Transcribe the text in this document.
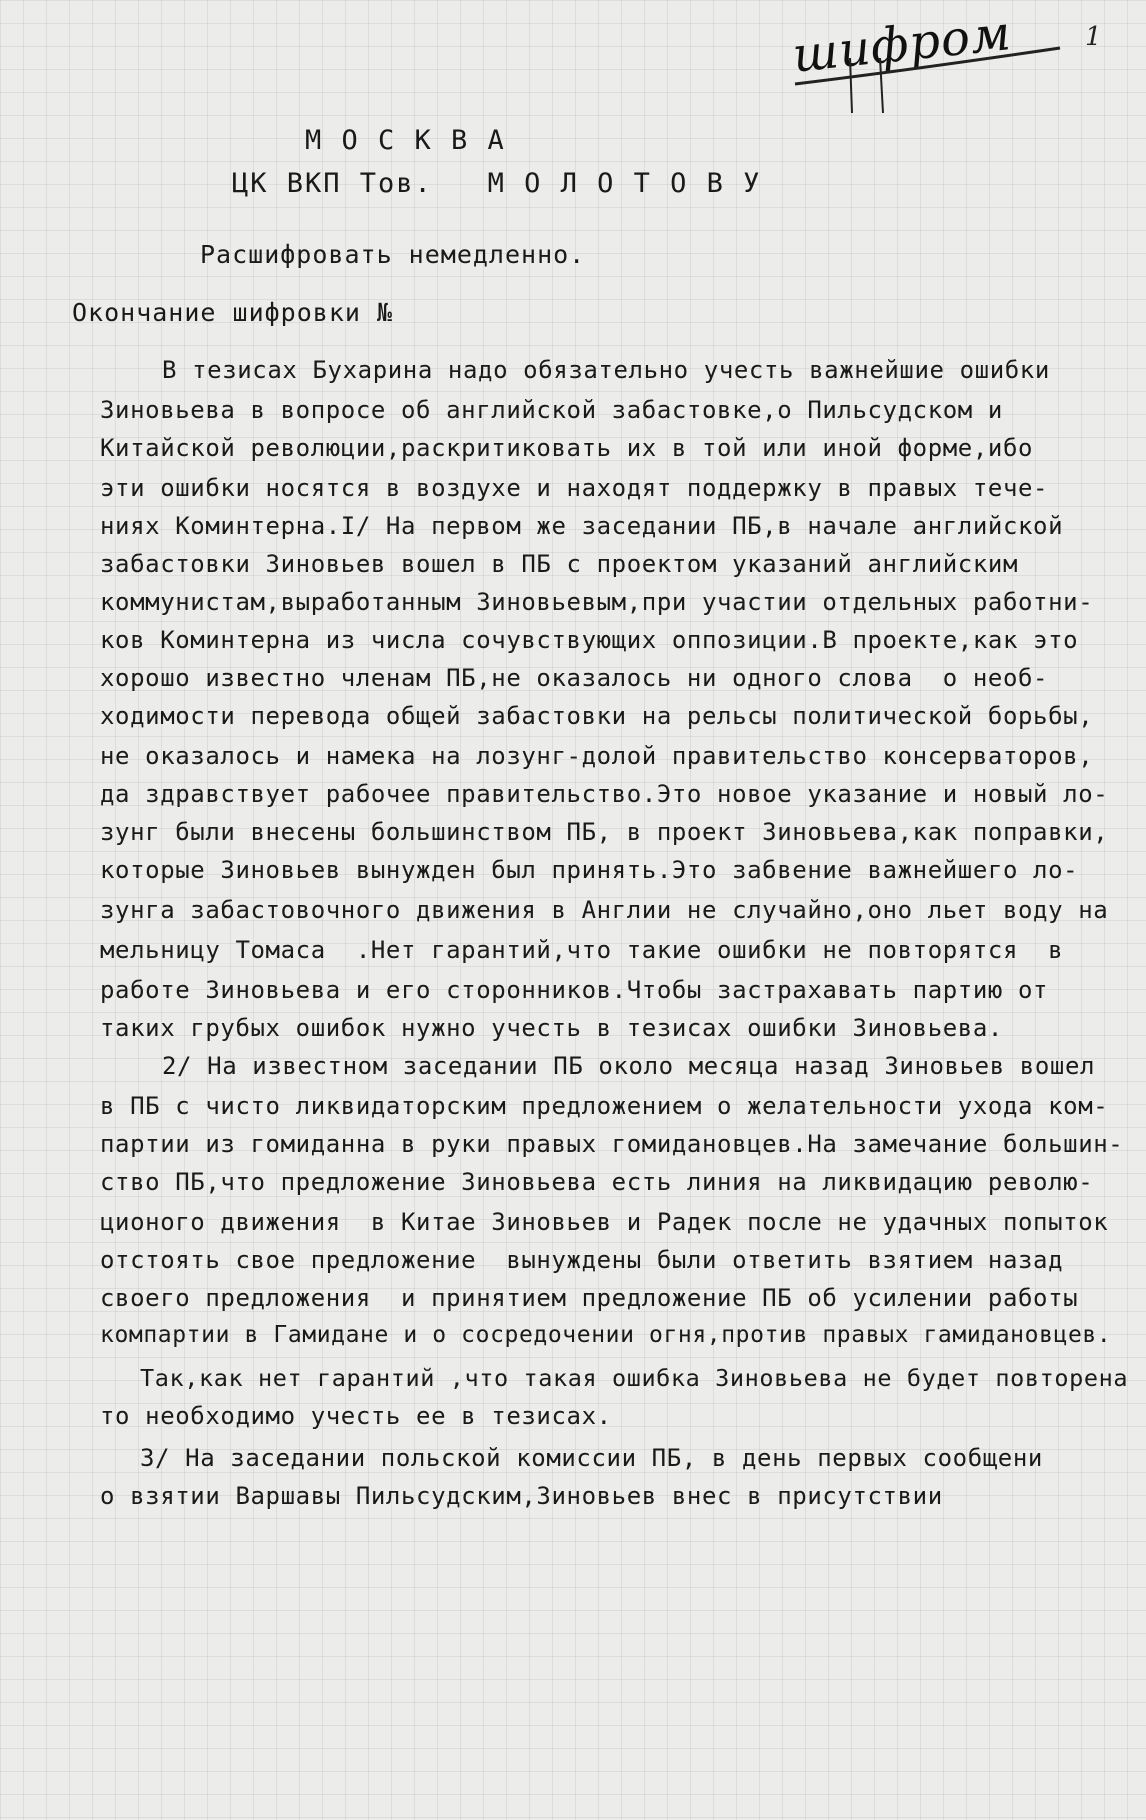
шифром	1
М О С К В А
ЦК ВКП Тов.   М О Л О Т О В У
Расшифровать немедленно.
Окончание шифровки №
В тезисах Бухарина надо обязательно учесть важнейшие ошибки
Зиновьева в вопросе об английской забастовке,о Пильсудском и
Китайской революции,раскритиковать их в той или иной форме,ибо
эти ошибки носятся в воздухе и находят поддержку в правых тече-
ниях Коминтерна.I/ На первом же заседании ПБ,в начале английской
забастовки Зиновьев вошел в ПБ с проектом указаний английским
коммунистам,выработанным Зиновьевым,при участии отдельных работни-
ков Коминтерна из числа сочувствующих оппозиции.В проекте,как это
хорошо известно членам ПБ,не оказалось ни одного слова  о необ-
ходимости перевода общей забастовки на рельсы политической борьбы,
не оказалось и намека на лозунг-долой правительство консерваторов,
да здравствует рабочее правительство.Это новое указание и новый ло-
зунг были внесены большинством ПБ, в проект Зиновьева,как поправки,
которые Зиновьев вынужден был принять.Это забвение важнейшего ло-
зунга забастовочного движения в Англии не случайно,оно льет воду на
мельницу Томаса  .Нет гарантий,что такие ошибки не повторятся  в
работе Зиновьева и его сторонников.Чтобы застрахавать партию от
таких грубых ошибок нужно учесть в тезисах ошибки Зиновьева.
2/ На известном заседании ПБ около месяца назад Зиновьев вошел
в ПБ с чисто ликвидаторским предложением о желательности ухода ком-
партии из гомиданна в руки правых гомидановцев.На замечание большин-
ство ПБ,что предложение Зиновьева есть линия на ликвидацию револю-
ционого движения  в Китае Зиновьев и Радек после не удачных попыток
отстоять свое предложение  вынуждены были ответить взятием назад
своего предложения  и принятием предложение ПБ об усилении работы
компартии в Гамидане и о сосредочении огня,против правых гамидановцев.
Так,как нет гарантий ,что такая ошибка Зиновьева не будет повторена
то необходимо учесть ее в тезисах.
3/ На заседании польской комиссии ПБ, в день первых сообщени
о взятии Варшавы Пильсудским,Зиновьев внес в присутствии
